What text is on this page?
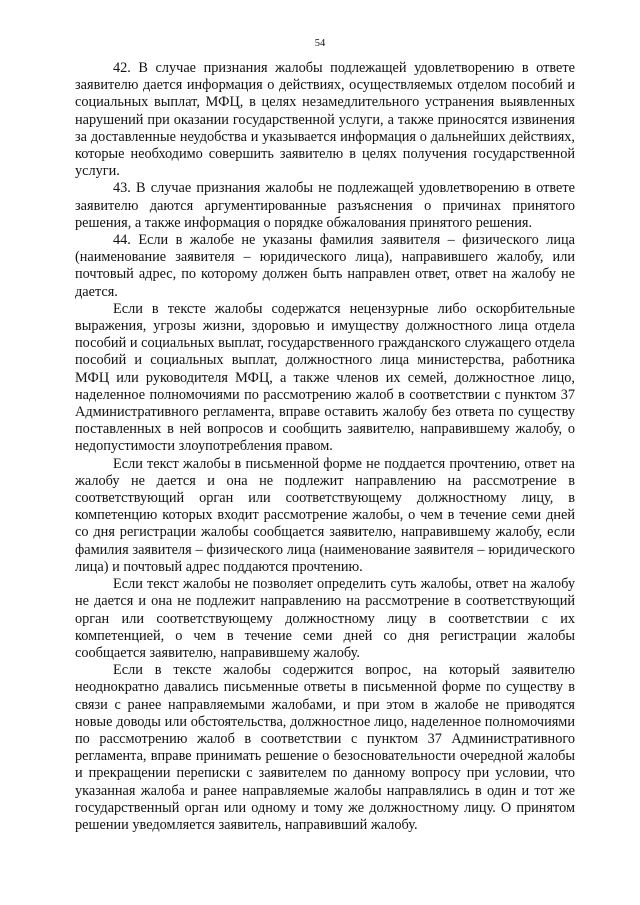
54

42. В случае признания жалобы подлежащей удовлетворению в ответе заявителю дается информация о действиях, осуществляемых отделом пособий и социальных выплат, МФЦ, в целях незамедлительного устранения выявленных нарушений при оказании государственной услуги, а также приносятся извинения за доставленные неудобства и указывается информация о дальнейших действиях, которые необходимо совершить заявителю в целях получения государственной услуги.

43. В случае признания жалобы не подлежащей удовлетворению в ответе заявителю даются аргументированные разъяснения о причинах принятого решения, а также информация о порядке обжалования принятого решения.

44. Если в жалобе не указаны фамилия заявителя – физического лица (наименование заявителя – юридического лица), направившего жалобу, или почтовый адрес, по которому должен быть направлен ответ, ответ на жалобу не дается.

Если в тексте жалобы содержатся нецензурные либо оскорбительные выражения, угрозы жизни, здоровью и имуществу должностного лица отдела пособий и социальных выплат, государственного гражданского служащего отдела пособий и социальных выплат, должностного лица министерства, работника МФЦ или руководителя МФЦ, а также членов их семей, должностное лицо, наделенное полномочиями по рассмотрению жалоб в соответствии с пунктом 37 Административного регламента, вправе оставить жалобу без ответа по существу поставленных в ней вопросов и сообщить заявителю, направившему жалобу, о недопустимости злоупотребления правом.

Если текст жалобы в письменной форме не поддается прочтению, ответ на жалобу не дается и она не подлежит направлению на рассмотрение в соответствующий орган или соответствующему должностному лицу, в компетенцию которых входит рассмотрение жалобы, о чем в течение семи дней со дня регистрации жалобы сообщается заявителю, направившему жалобу, если фамилия заявителя – физического лица (наименование заявителя – юридического лица) и почтовый адрес поддаются прочтению.

Если текст жалобы не позволяет определить суть жалобы, ответ на жалобу не дается и она не подлежит направлению на рассмотрение в соответствующий орган или соответствующему должностному лицу в соответствии с их компетенцией, о чем в течение семи дней со дня регистрации жалобы сообщается заявителю, направившему жалобу.

Если в тексте жалобы содержится вопрос, на который заявителю неоднократно давались письменные ответы в письменной форме по существу в связи с ранее направляемыми жалобами, и при этом в жалобе не приводятся новые доводы или обстоятельства, должностное лицо, наделенное полномочиями по рассмотрению жалоб в соответствии с пунктом 37 Административного регламента, вправе принимать решение о безосновательности очередной жалобы и прекращении переписки с заявителем по данному вопросу при условии, что указанная жалоба и ранее направляемые жалобы направлялись в один и тот же государственный орган или одному и тому же должностному лицу. О принятом решении уведомляется заявитель, направивший жалобу.
